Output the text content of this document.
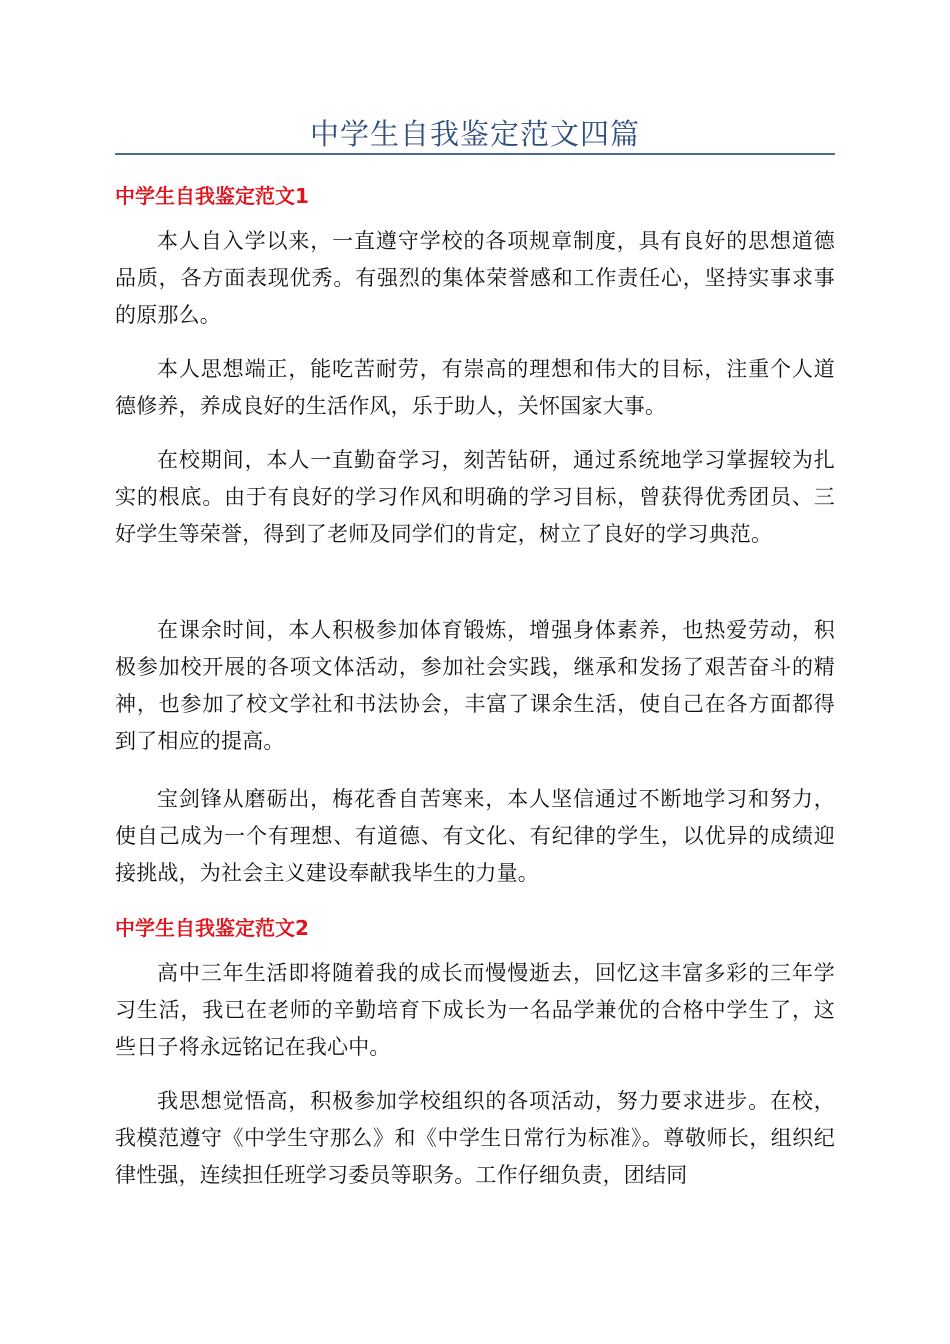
中学生自我鉴定范文四篇
中学生自我鉴定范文1
本人自入学以来，一直遵守学校的各项规章制度，具有良好的思想道德品质，各方面表现优秀。有强烈的集体荣誉感和工作责任心，坚持实事求事的原那么。
本人思想端正，能吃苦耐劳，有崇高的理想和伟大的目标，注重个人道德修养，养成良好的生活作风，乐于助人，关怀国家大事。
在校期间，本人一直勤奋学习，刻苦钻研，通过系统地学习掌握较为扎实的根底。由于有良好的学习作风和明确的学习目标，曾获得优秀团员、三好学生等荣誉，得到了老师及同学们的肯定，树立了良好的学习典范。
在课余时间，本人积极参加体育锻炼，增强身体素养，也热爱劳动，积极参加校开展的各项文体活动，参加社会实践，继承和发扬了艰苦奋斗的精神，也参加了校文学社和书法协会，丰富了课余生活，使自己在各方面都得到了相应的提高。
宝剑锋从磨砺出，梅花香自苦寒来，本人坚信通过不断地学习和努力，使自己成为一个有理想、有道德、有文化、有纪律的学生，以优异的成绩迎接挑战，为社会主义建设奉献我毕生的力量。
中学生自我鉴定范文2
高中三年生活即将随着我的成长而慢慢逝去，回忆这丰富多彩的三年学习生活，我已在老师的辛勤培育下成长为一名品学兼优的合格中学生了，这些日子将永远铭记在我心中。
我思想觉悟高，积极参加学校组织的各项活动，努力要求进步。在校，我模范遵守《中学生守那么》和《中学生日常行为标准》。尊敬师长，组织纪律性强，连续担任班学习委员等职务。工作仔细负责，团结同
